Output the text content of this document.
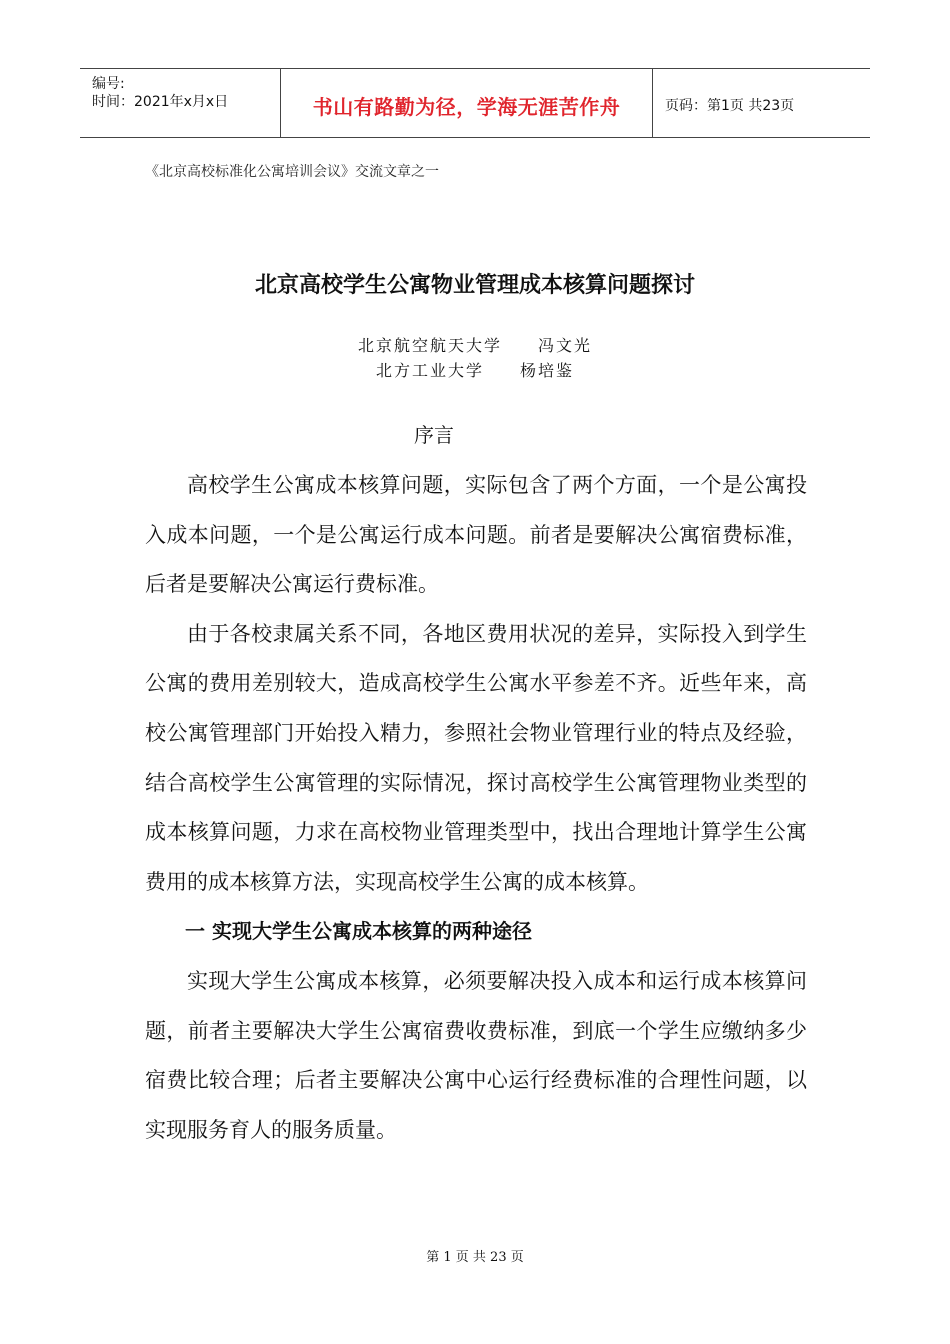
编号:
时间：2021年x月x日	书山有路勤为径，学海无涯苦作舟	页码：第1页 共23页
《北京高校标准化公寓培训会议》交流文章之一
北京高校学生公寓物业管理成本核算问题探讨
北京航空航天大学 冯文光
北方工业大学 杨培鉴
序言

高校学生公寓成本核算问题，实际包含了两个方面，一个是公寓投入成本问题，一个是公寓运行成本问题。前者是要解决公寓宿费标准，后者是要解决公寓运行费标准。

由于各校隶属关系不同，各地区费用状况的差异，实际投入到学生公寓的费用差别较大，造成高校学生公寓水平参差不齐。近些年来，高校公寓管理部门开始投入精力，参照社会物业管理行业的特点及经验，结合高校学生公寓管理的实际情况，探讨高校学生公寓管理物业类型的成本核算问题，力求在高校物业管理类型中，找出合理地计算学生公寓费用的成本核算方法，实现高校学生公寓的成本核算。

一 实现大学生公寓成本核算的两种途径

实现大学生公寓成本核算，必须要解决投入成本和运行成本核算问题，前者主要解决大学生公寓宿费收费标准，到底一个学生应缴纳多少宿费比较合理；后者主要解决公寓中心运行经费标准的合理性问题，以实现服务育人的服务质量。

第 1 页 共 23 页
